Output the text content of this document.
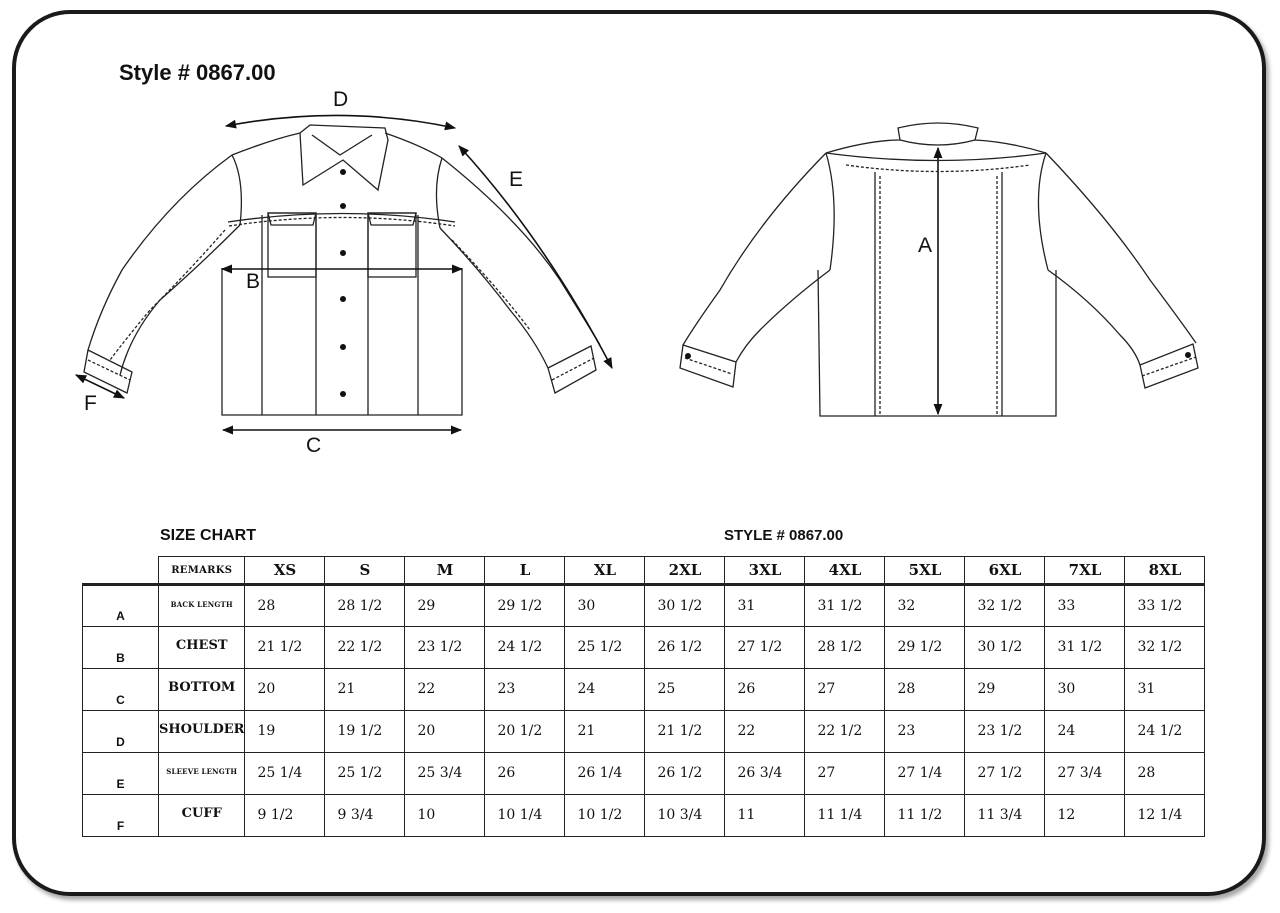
Style # 0867.00
D
E
B
C
F
A
SIZE CHART	STYLE # 0867.00
	REMARKS	XS	S	M	L	XL	2XL	3XL	4XL	5XL	6XL	7XL	8XL
A	BACK LENGTH	28	28 1/2	29	29 1/2	30	30 1/2	31	31 1/2	32	32 1/2	33	33 1/2
B	CHEST	21 1/2	22 1/2	23 1/2	24 1/2	25 1/2	26 1/2	27 1/2	28 1/2	29 1/2	30 1/2	31 1/2	32 1/2
C	BOTTOM	20	21	22	23	24	25	26	27	28	29	30	31
D	SHOULDER	19	19 1/2	20	20 1/2	21	21 1/2	22	22 1/2	23	23 1/2	24	24 1/2
E	SLEEVE LENGTH	25 1/4	25 1/2	25 3/4	26	26 1/4	26 1/2	26 3/4	27	27 1/4	27 1/2	27 3/4	28
F	CUFF	9 1/2	9 3/4	10	10 1/4	10 1/2	10 3/4	11	11 1/4	11 1/2	11 3/4	12	12 1/4
